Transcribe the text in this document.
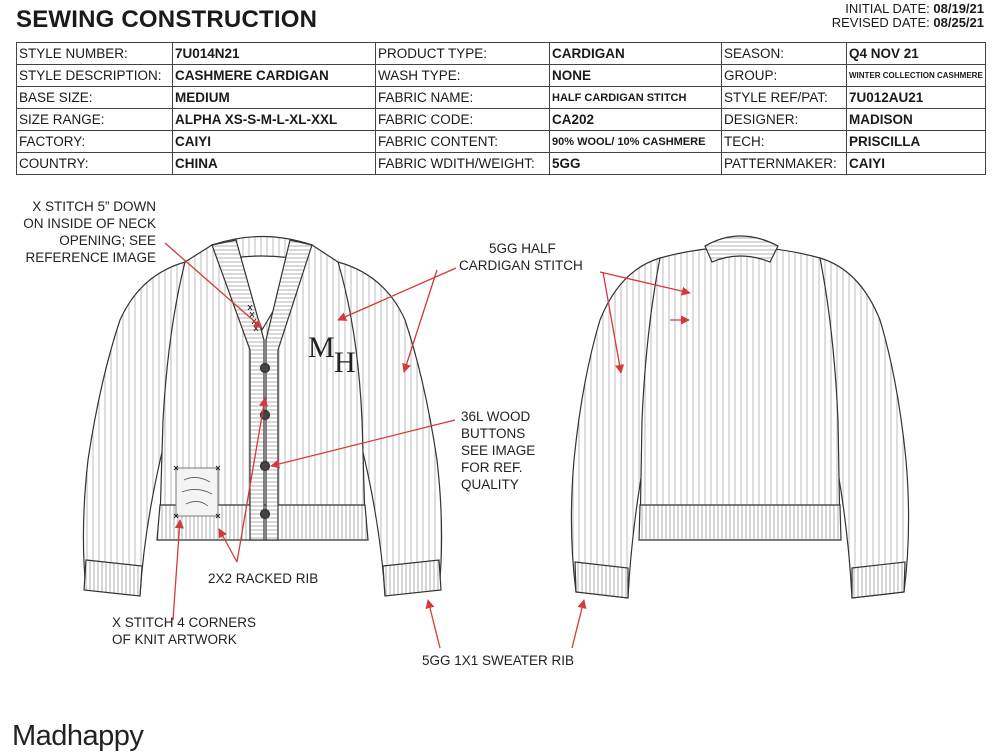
SEWING CONSTRUCTION	INITIAL DATE: 08/19/21
REVISED DATE: 08/25/21
STYLE NUMBER:	7U014N21	PRODUCT TYPE:	CARDIGAN	SEASON:	Q4 NOV 21
STYLE DESCRIPTION:	CASHMERE CARDIGAN	WASH TYPE:	NONE	GROUP:	WINTER COLLECTION CASHMERE
BASE SIZE:	MEDIUM	FABRIC NAME:	HALF CARDIGAN STITCH	STYLE REF/PAT:	7U012AU21
SIZE RANGE:	ALPHA XS-S-M-L-XL-XXL	FABRIC CODE:	CA202	DESIGNER:	MADISON
FACTORY:	CAIYI	FABRIC CONTENT:	90% WOOL/ 10% CASHMERE	TECH:	PRISCILLA
COUNTRY:	CHINA	FABRIC WDITH/WEIGHT:	5GG	PATTERNMAKER:	CAIYI
M H
X STITCH 5” DOWN
ON INSIDE OF NECK
OPENING; SEE
REFERENCE IMAGE
5GG HALF
CARDIGAN STITCH
36L WOOD
BUTTONS
SEE IMAGE
FOR REF.
QUALITY
2X2 RACKED RIB
X STITCH 4 CORNERS
OF KNIT ARTWORK
5GG 1X1 SWEATER RIB
Madhappy
